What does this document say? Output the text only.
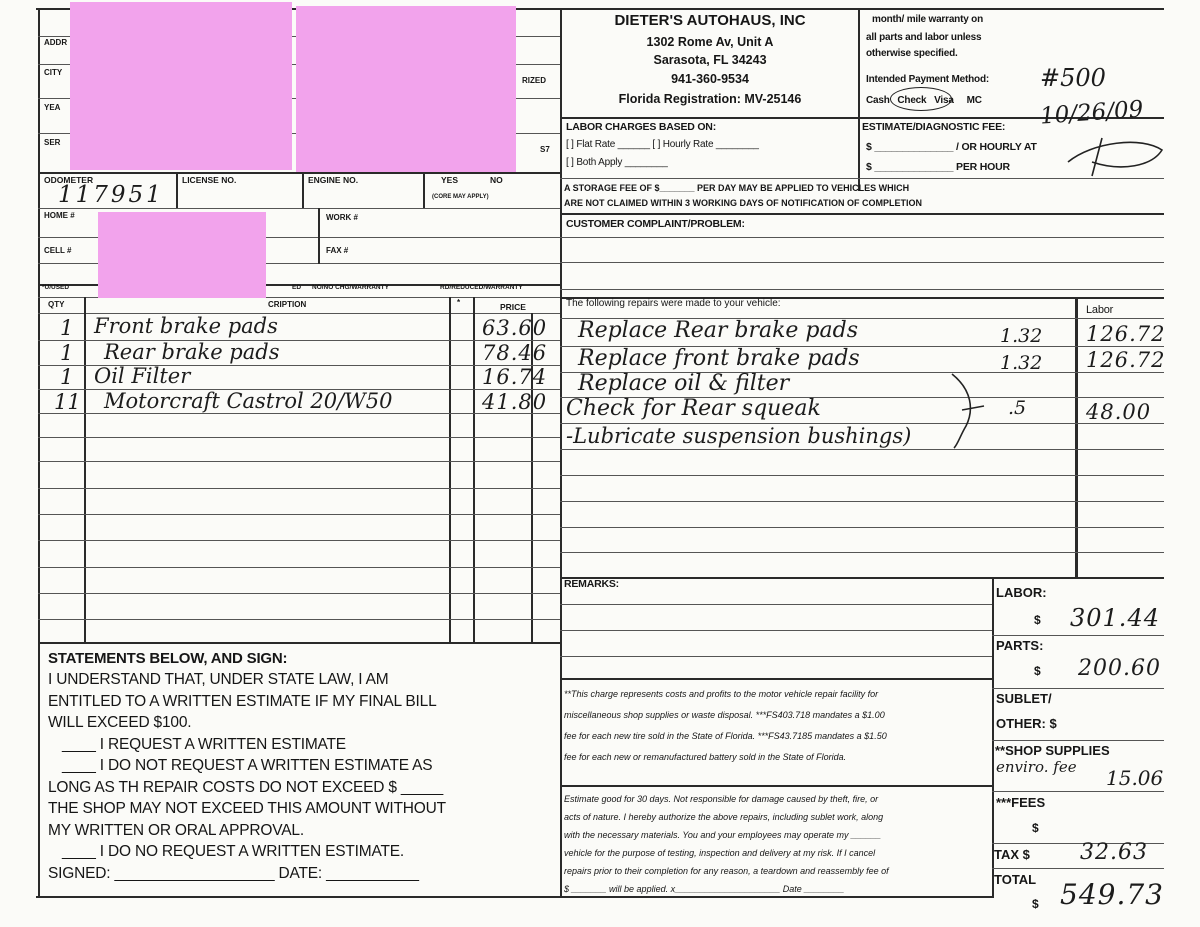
DIETER'S AUTOHAUS, INC
1302 Rome Av, Unit A
Sarasota, FL 34243
941-360-9534
Florida Registration: MV-25146
month/ mile warranty on
all parts and labor unless
otherwise specified.
Intended Payment Method:
Cash   Check   Visa     MC
#500
10/26/09
LABOR CHARGES BASED ON:
[ ] Flat Rate ______ [ ] Hourly Rate ________
[ ] Both Apply ________
ESTIMATE/DIAGNOSTIC FEE:
$ ______________ / OR HOURLY AT
$ ______________ PER HOUR
A STORAGE FEE OF $_______ PER DAY MAY BE APPLIED TO VEHICLES WHICH
ARE NOT CLAIMED WITHIN 3 WORKING DAYS OF NOTIFICATION OF COMPLETION
CUSTOMER COMPLAINT/PROBLEM:
ADDR
CITY
YEA
SER
RIZED
S7
ODOMETER	LICENSE NO.	ENGINE NO.	YES	NO
(CORE MAY APPLY)
117951
HOME #	WORK #
CELL #	FAX #
*U/USED	ED NO/NO CHG/WARRANTY	RD/REDUCED/WARRANTY
QTY	CRIPTION	PRICE
*
1 Front brake pads	63.60
1 Rear brake pads	78.46
1 Oil Filter	16.74
11 Motorcraft Castrol 20/W50	41.80
The following repairs were made to your vehicle:
Labor
Replace Rear brake pads	1.32 126.72
Replace front brake pads	1.32 126.72
Replace oil & filter
Check for Rear squeak	.5	48.00
-Lubricate suspension bushings)
REMARKS:
LABOR:
$ 301.44
PARTS:
$ 200.60
SUBLET/
OTHER: $
**SHOP SUPPLIES
enviro. fee 15.06
***FEES
$
TAX $ 32.63
TOTAL
$ 549.73
**This charge represents costs and profits to the motor vehicle repair facility for
miscellaneous shop supplies or waste disposal. ***FS403.718 mandates a $1.00
fee for each new tire sold in the State of Florida. ***FS43.7185 mandates a $1.50
fee for each new or remanufactured battery sold in the State of Florida.
Estimate good for 30 days. Not responsible for damage caused by theft, fire, or
acts of nature. I hereby authorize the above repairs, including sublet work, along
with the necessary materials. You and your employees may operate my ______
vehicle for the purpose of testing, inspection and delivery at my risk. If I cancel
repairs prior to their completion for any reason, a teardown and reassembly fee of
$ _______ will be applied. x_____________________ Date ________
STATEMENTS BELOW, AND SIGN:
I UNDERSTAND THAT, UNDER STATE LAW, I AM
ENTITLED TO A WRITTEN ESTIMATE IF MY FINAL BILL
WILL EXCEED $100.
____ I REQUEST A WRITTEN ESTIMATE
____ I DO NOT REQUEST A WRITTEN ESTIMATE AS
LONG AS TH REPAIR COSTS DO NOT EXCEED $ _____
THE SHOP MAY NOT EXCEED THIS AMOUNT WITHOUT
MY WRITTEN OR ORAL APPROVAL.
____ I DO NO REQUEST A WRITTEN ESTIMATE.
SIGNED: ___________________ DATE: ___________
